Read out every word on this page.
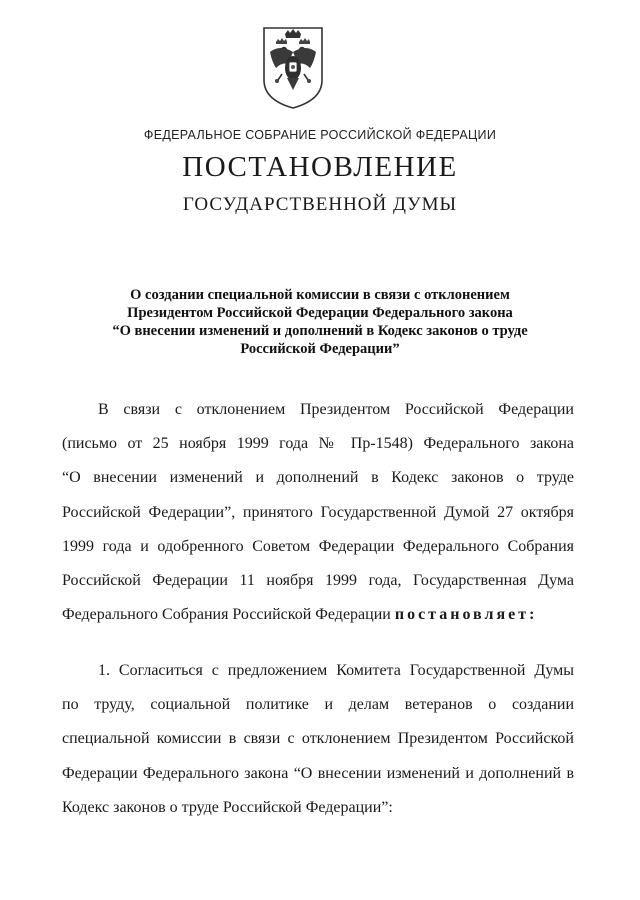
ФЕДЕРАЛЬНОЕ СОБРАНИЕ РОССИЙСКОЙ ФЕДЕРАЦИИ
ПОСТАНОВЛЕНИЕ
ГОСУДАРСТВЕННОЙ ДУМЫ
О создании специальной комиссии в связи с отклонением
Президентом Российской Федерации Федерального закона
“О внесении изменений и дополнений в Кодекс законов о труде
Российской Федерации”
В связи с отклонением Президентом Российской Федерации
(письмо от 25 ноября 1999 года № Пр-1548) Федерального закона
“О внесении изменений и дополнений в Кодекс законов о труде
Российской Федерации”, принятого Государственной Думой 27 октября
1999 года и одобренного Советом Федерации Федерального Собрания
Российской Федерации 11 ноября 1999 года, Государственная Дума
Федерального Собрания Российской Федерации постановляет:
1. Согласиться с предложением Комитета Государственной Думы
по труду, социальной политике и делам ветеранов о создании
специальной комиссии в связи с отклонением Президентом Российской
Федерации Федерального закона “О внесении изменений и дополнений в
Кодекс законов о труде Российской Федерации”:
